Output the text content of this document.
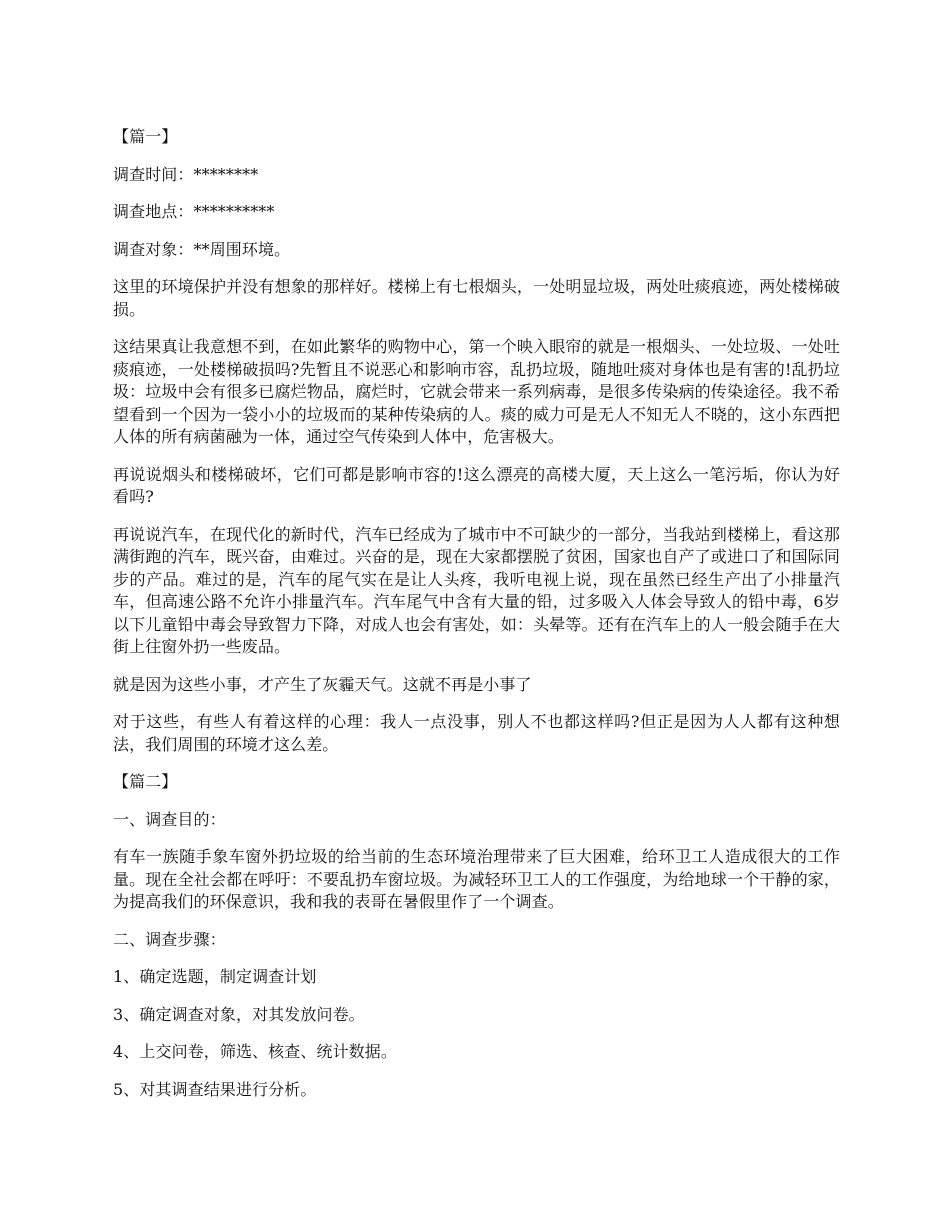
【篇一】

调查时间：********

调查地点：**********

调查对象：**周围环境。

这里的环境保护并没有想象的那样好。楼梯上有七根烟头，一处明显垃圾，两处吐痰痕迹，两处楼梯破损。

这结果真让我意想不到，在如此繁华的购物中心，第一个映入眼帘的就是一根烟头、一处垃圾、一处吐痰痕迹，一处楼梯破损吗?先暂且不说恶心和影响市容，乱扔垃圾，随地吐痰对身体也是有害的!乱扔垃圾：垃圾中会有很多已腐烂物品，腐烂时，它就会带来一系列病毒，是很多传染病的传染途径。我不希望看到一个因为一袋小小的垃圾而的某种传染病的人。痰的威力可是无人不知无人不晓的，这小东西把人体的所有病菌融为一体，通过空气传染到人体中，危害极大。

再说说烟头和楼梯破坏，它们可都是影响市容的!这么漂亮的高楼大厦，天上这么一笔污垢，你认为好看吗?

再说说汽车，在现代化的新时代，汽车已经成为了城市中不可缺少的一部分，当我站到楼梯上，看这那满街跑的汽车，既兴奋，由难过。兴奋的是，现在大家都摆脱了贫困，国家也自产了或进口了和国际同步的产品。难过的是，汽车的尾气实在是让人头疼，我听电视上说，现在虽然已经生产出了小排量汽车，但高速公路不允许小排量汽车。汽车尾气中含有大量的铅，过多吸入人体会导致人的铅中毒，6岁以下儿童铅中毒会导致智力下降，对成人也会有害处，如：头晕等。还有在汽车上的人一般会随手在大街上往窗外扔一些废品。

就是因为这些小事，才产生了灰霾天气。这就不再是小事了

对于这些，有些人有着这样的心理：我人一点没事，别人不也都这样吗?但正是因为人人都有这种想法，我们周围的环境才这么差。

【篇二】

一、调查目的：

有车一族随手象车窗外扔垃圾的给当前的生态环境治理带来了巨大困难，给环卫工人造成很大的工作量。现在全社会都在呼吁：不要乱扔车窗垃圾。为减轻环卫工人的工作强度，为给地球一个干静的家，为提高我们的环保意识，我和我的表哥在暑假里作了一个调查。

二、调查步骤：

1、确定选题，制定调查计划

3、确定调查对象，对其发放问卷。

4、上交问卷，筛选、核查、统计数据。

5、对其调查结果进行分析。
